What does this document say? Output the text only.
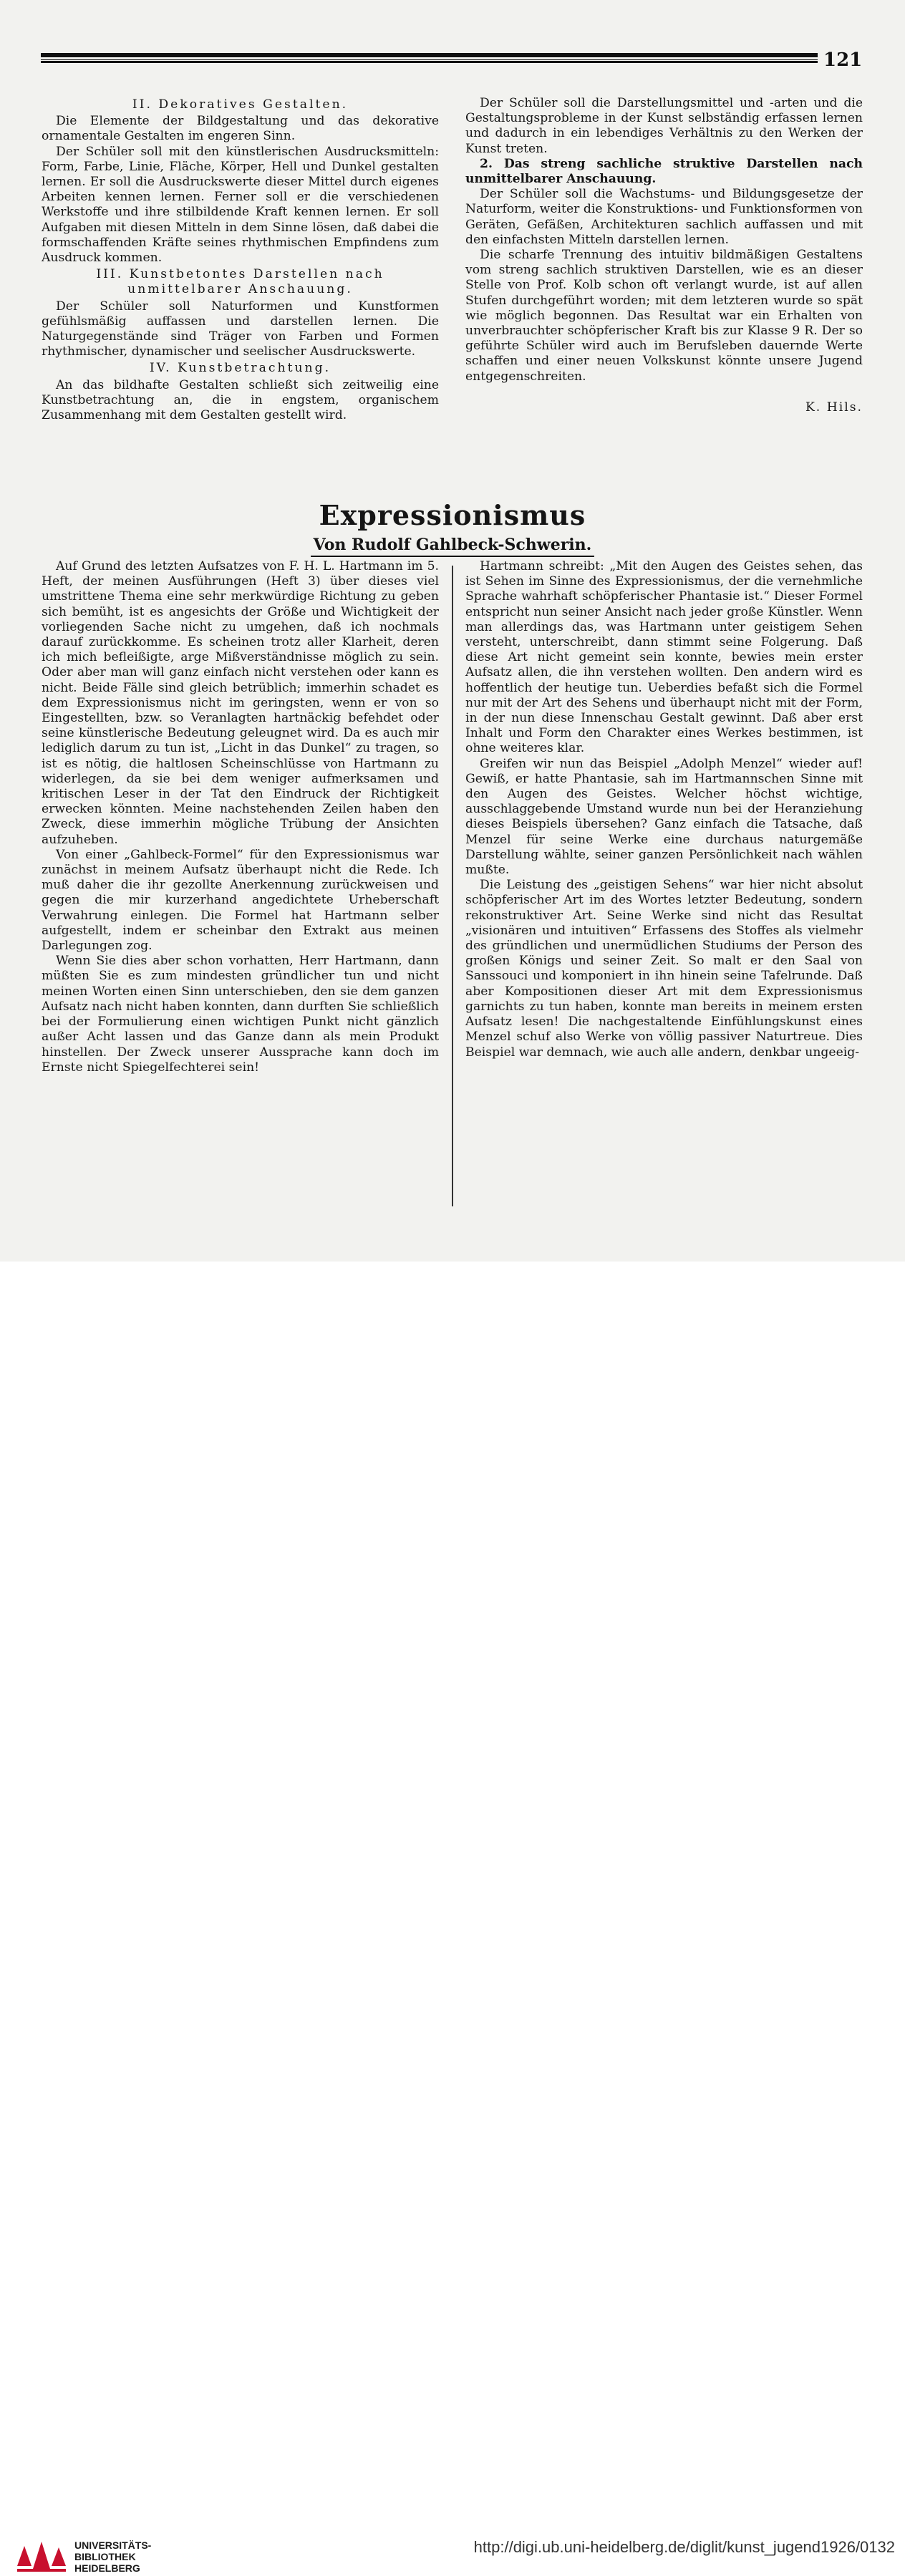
121

II. Dekoratives Gestalten.

Die Elemente der Bildgestaltung und das dekorative ornamentale Gestalten im engeren Sinn.

Der Schüler soll mit den künstlerischen Ausdrucksmitteln: Form, Farbe, Linie, Fläche, Körper, Hell und Dunkel gestalten lernen. Er soll die Ausdruckswerte dieser Mittel durch eigenes Arbeiten kennen lernen. Ferner soll er die verschiedenen Werkstoffe und ihre stilbildende Kraft kennen lernen. Er soll Aufgaben mit diesen Mitteln in dem Sinne lösen, daß dabei die formschaffenden Kräfte seines rhythmischen Empfindens zum Ausdruck kommen.

III. Kunstbetontes Darstellen nach unmittelbarer Anschauung.

Der Schüler soll Naturformen und Kunstformen gefühlsmäßig auffassen und darstellen lernen. Die Naturgegenstände sind Träger von Farben und Formen rhythmischer, dynamischer und seelischer Ausdruckswerte.

IV. Kunstbetrachtung.

An das bildhafte Gestalten schließt sich zeitweilig eine Kunstbetrachtung an, die in engstem, organischem Zusammenhang mit dem Gestalten gestellt wird.

Der Schüler soll die Darstellungsmittel und -arten und die Gestaltungsprobleme in der Kunst selbständig erfassen lernen und dadurch in ein lebendiges Verhältnis zu den Werken der Kunst treten.

2. Das streng sachliche struktive Darstellen nach unmittelbarer Anschauung.

Der Schüler soll die Wachstums- und Bildungsgesetze der Naturform, weiter die Konstruktions- und Funktionsformen von Geräten, Gefäßen, Architekturen sachlich auffassen und mit den einfachsten Mitteln darstellen lernen.

Die scharfe Trennung des intuitiv bildmäßigen Gestaltens vom streng sachlich struktiven Darstellen, wie es an dieser Stelle von Prof. Kolb schon oft verlangt wurde, ist auf allen Stufen durchgeführt worden; mit dem letzteren wurde so spät wie möglich begonnen. Das Resultat war ein Erhalten von unverbrauchter schöpferischer Kraft bis zur Klasse 9 R. Der so geführte Schüler wird auch im Berufsleben dauernde Werte schaffen und einer neuen Volkskunst könnte unsere Jugend entgegenschreiten.

K. Hils.

Expressionismus
Von Rudolf Gahlbeck-Schwerin.

Auf Grund des letzten Aufsatzes von F. H. L. Hartmann im 5. Heft, der meinen Ausführungen (Heft 3) über dieses viel umstrittene Thema eine sehr merkwürdige Richtung zu geben sich bemüht, ist es angesichts der Größe und Wichtigkeit der vorliegenden Sache nicht zu umgehen, daß ich nochmals darauf zurückkomme. Es scheinen trotz aller Klarheit, deren ich mich befleißigte, arge Mißverständnisse möglich zu sein. Oder aber man will ganz einfach nicht verstehen oder kann es nicht. Beide Fälle sind gleich betrüblich; immerhin schadet es dem Expressionismus nicht im geringsten, wenn er von so Eingestellten, bzw. so Veranlagten hartnäckig befehdet oder seine künstlerische Bedeutung geleugnet wird. Da es auch mir lediglich darum zu tun ist, „Licht in das Dunkel“ zu tragen, so ist es nötig, die haltlosen Scheinschlüsse von Hartmann zu widerlegen, da sie bei dem weniger aufmerksamen und kritischen Leser in der Tat den Eindruck der Richtigkeit erwecken könnten. Meine nachstehenden Zeilen haben den Zweck, diese immerhin mögliche Trübung der Ansichten aufzuheben.

Von einer „Gahlbeck-Formel“ für den Expressionismus war zunächst in meinem Aufsatz überhaupt nicht die Rede. Ich muß daher die ihr gezollte Anerkennung zurückweisen und gegen die mir kurzerhand angedichtete Urheberschaft Verwahrung einlegen. Die Formel hat Hartmann selber aufgestellt, indem er scheinbar den Extrakt aus meinen Darlegungen zog.

Wenn Sie dies aber schon vorhatten, Herr Hartmann, dann müßten Sie es zum mindesten gründlicher tun und nicht meinen Worten einen Sinn unterschieben, den sie dem ganzen Aufsatz nach nicht haben konnten, dann durften Sie schließlich bei der Formulierung einen wichtigen Punkt nicht gänzlich außer Acht lassen und das Ganze dann als mein Produkt hinstellen. Der Zweck unserer Aussprache kann doch im Ernste nicht Spiegelfechterei sein!

Hartmann schreibt: „Mit den Augen des Geistes sehen, das ist Sehen im Sinne des Expressionismus, der die vernehmliche Sprache wahrhaft schöpferischer Phantasie ist.“ Dieser Formel entspricht nun seiner Ansicht nach jeder große Künstler. Wenn man allerdings das, was Hartmann unter geistigem Sehen versteht, unterschreibt, dann stimmt seine Folgerung. Daß diese Art nicht gemeint sein konnte, bewies mein erster Aufsatz allen, die ihn verstehen wollten. Den andern wird es hoffentlich der heutige tun. Ueberdies befaßt sich die Formel nur mit der Art des Sehens und überhaupt nicht mit der Form, in der nun diese Innenschau Gestalt gewinnt. Daß aber erst Inhalt und Form den Charakter eines Werkes bestimmen, ist ohne weiteres klar.

Greifen wir nun das Beispiel „Adolph Menzel“ wieder auf! Gewiß, er hatte Phantasie, sah im Hartmannschen Sinne mit den Augen des Geistes. Welcher höchst wichtige, ausschlaggebende Umstand wurde nun bei der Heranziehung dieses Beispiels übersehen? Ganz einfach die Tatsache, daß Menzel für seine Werke eine durchaus naturgemäße Darstellung wählte, seiner ganzen Persönlichkeit nach wählen mußte.

Die Leistung des „geistigen Sehens“ war hier nicht absolut schöpferischer Art im des Wortes letzter Bedeutung, sondern rekonstruktiver Art. Seine Werke sind nicht das Resultat „visionären und intuitiven“ Erfassens des Stoffes als vielmehr des gründlichen und unermüdlichen Studiums der Person des großen Königs und seiner Zeit. So malt er den Saal von Sanssouci und komponiert in ihn hinein seine Tafelrunde. Daß aber Kompositionen dieser Art mit dem Expressionismus garnichts zu tun haben, konnte man bereits in meinem ersten Aufsatz lesen! Die nachgestaltende Einfühlungskunst eines Menzel schuf also Werke von völlig passiver Naturtreue. Dies Beispiel war demnach, wie auch alle andern, denkbar ungeeig-

UNIVERSITÄTS-
BIBLIOTHEK
HEIDELBERG
http://digi.ub.uni-heidelberg.de/diglit/kunst_jugend1926/0132
